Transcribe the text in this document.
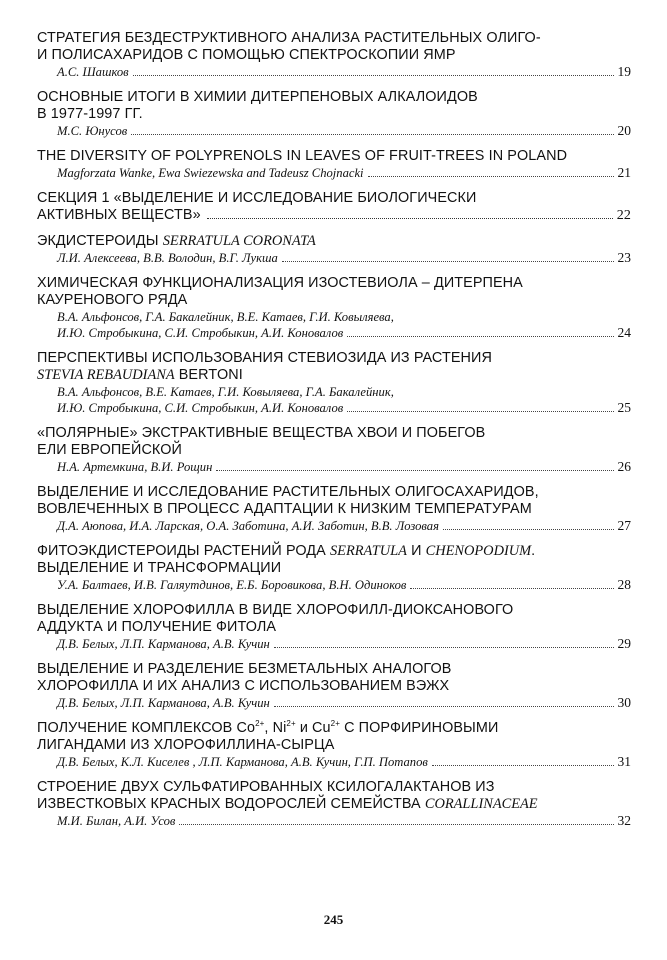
СТРАТЕГИЯ БЕЗДЕСТРУКТИВНОГО АНАЛИЗА РАСТИТЕЛЬНЫХ ОЛИГО-
И ПОЛИСАХАРИДОВ С ПОМОЩЬЮ СПЕКТРОСКОПИИ ЯМР
А.С. Шашков	19
ОСНОВНЫЕ ИТОГИ В ХИМИИ ДИТЕРПЕНОВЫХ АЛКАЛОИДОВ
В 1977-1997 ГГ.
М.С. Юнусов	20
THE DIVERSITY OF POLYPRENOLS IN LEAVES OF FRUIT-TREES IN POLAND
Magforzata Wanke, Ewa Swiezewska and Tadeusz Chojnacki	21
СЕКЦИЯ 1 «ВЫДЕЛЕНИЕ И ИССЛЕДОВАНИЕ БИОЛОГИЧЕСКИ
АКТИВНЫХ ВЕЩЕСТВ»	22
ЭКДИСТЕРОИДЫ SERRATULA CORONATA
Л.И. Алексеева, В.В. Володин, В.Г. Лукша	23
ХИМИЧЕСКАЯ ФУНКЦИОНАЛИЗАЦИЯ ИЗОСТЕВИОЛА – ДИТЕРПЕНА
КАУРЕНОВОГО РЯДА
В.А. Альфонсов, Г.А. Бакалейник, В.Е. Катаев, Г.И. Ковыляева,
И.Ю. Стробыкина, С.И. Стробыкин, А.И. Коновалов	24
ПЕРСПЕКТИВЫ ИСПОЛЬЗОВАНИЯ СТЕВИОЗИДА ИЗ РАСТЕНИЯ
STEVIA REBAUDIANA BERTONI
В.А. Альфонсов, В.Е. Катаев, Г.И. Ковыляева, Г.А. Бакалейник,
И.Ю. Стробыкина, С.И. Стробыкин, А.И. Коновалов	25
«ПОЛЯРНЫЕ» ЭКСТРАКТИВНЫЕ ВЕЩЕСТВА ХВОИ И ПОБЕГОВ
ЕЛИ ЕВРОПЕЙСКОЙ
Н.А. Артемкина, В.И. Рощин	26
ВЫДЕЛЕНИЕ И ИССЛЕДОВАНИЕ РАСТИТЕЛЬНЫХ ОЛИГОСАХАРИДОВ,
ВОВЛЕЧЕННЫХ В ПРОЦЕСС АДАПТАЦИИ К НИЗКИМ ТЕМПЕРАТУРАМ
Д.А. Аюпова, И.А. Ларская, О.А. Заботина, А.И. Заботин, В.В. Лозовая	27
ФИТОЭКДИСТЕРОИДЫ РАСТЕНИЙ РОДА SERRATULA И CHENOPODIUM.
ВЫДЕЛЕНИЕ И ТРАНСФОРМАЦИИ
У.А. Балтаев, И.В. Галяутдинов, Е.Б. Боровикова, В.Н. Одиноков	28
ВЫДЕЛЕНИЕ ХЛОРОФИЛЛА В ВИДЕ ХЛОРОФИЛЛ-ДИОКСАНОВОГО
АДДУКТА И ПОЛУЧЕНИЕ ФИТОЛА
Д.В. Белых, Л.П. Карманова, А.В. Кучин	29
ВЫДЕЛЕНИЕ И РАЗДЕЛЕНИЕ БЕЗМЕТАЛЬНЫХ АНАЛОГОВ
ХЛОРОФИЛЛА И ИХ АНАЛИЗ С ИСПОЛЬЗОВАНИЕМ ВЭЖХ
Д.В. Белых, Л.П. Карманова, А.В. Кучин	30
ПОЛУЧЕНИЕ КОМПЛЕКСОВ $Co^{2+}$, $Ni^{2+}$ и $Cu^{2+}$ С ПОРФИРИНОВЫМИ
ЛИГАНДАМИ ИЗ ХЛОРОФИЛЛИНА-СЫРЦА
Д.В. Белых, К.Л. Киселев , Л.П. Карманова, А.В. Кучин, Г.П. Потапов	31
СТРОЕНИЕ ДВУХ СУЛЬФАТИРОВАННЫХ КСИЛОГАЛАКТАНОВ ИЗ
ИЗВЕСТКОВЫХ КРАСНЫХ ВОДОРОСЛЕЙ СЕМЕЙСТВА CORALLINACEAE
М.И. Билан, А.И. Усов	32
245
